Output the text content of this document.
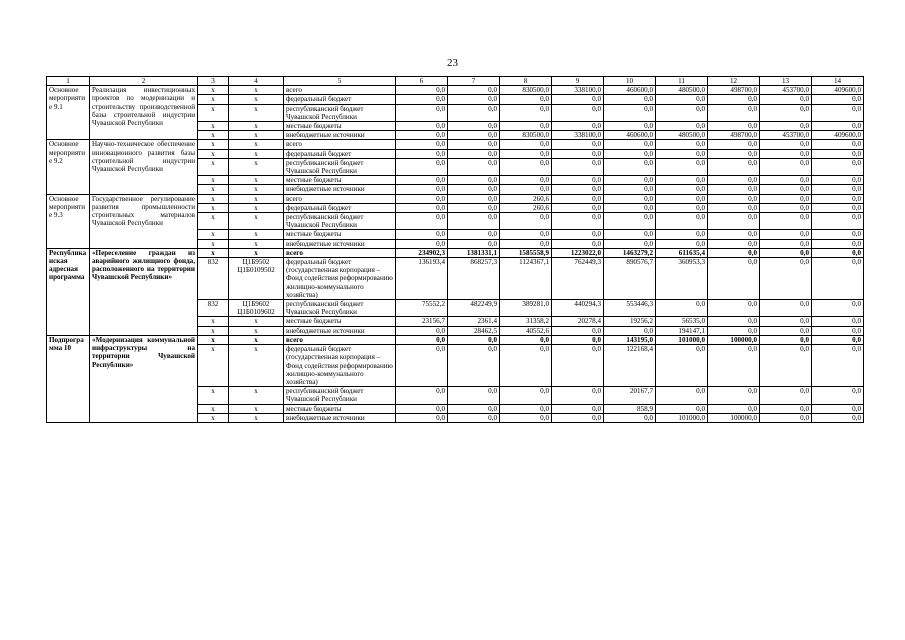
23
1	2	3	4	5	6	7	8	9	10	11	12	13	14
Основное мероприятие 9.1	Реализация инвестиционных проектов по модернизации и строительству производственной базы строительной индустрии Чувашской Республики	х	х	всего	0,0	0,0	830500,0	338100,0	460600,0	480500,0	498700,0	453700,0	409600,0
		х	х	федеральный бюджет	0,0	0,0	0,0	0,0	0,0	0,0	0,0	0,0	0,0
		х	х	республиканский бюджет Чувашской Республики	0,0	0,0	0,0	0,0	0,0	0,0	0,0	0,0	0,0
		х	х	местные бюджеты	0,0	0,0	0,0	0,0	0,0	0,0	0,0	0,0	0,0
		х	х	внебюджетные источники	0,0	0,0	830500,0	338100,0	460600,0	480500,0	498700,0	453700,0	409600,0
Основное мероприятие 9.2	Научно-техническое обеспечение инновационного развития базы строительной индустрии Чувашской Республики	х	х	всего	0,0	0,0	0,0	0,0	0,0	0,0	0,0	0,0	0,0
		х	х	федеральный бюджет	0,0	0,0	0,0	0,0	0,0	0,0	0,0	0,0	0,0
		х	х	республиканский бюджет Чувашской Республики	0,0	0,0	0,0	0,0	0,0	0,0	0,0	0,0	0,0
		х	х	местные бюджеты	0,0	0,0	0,0	0,0	0,0	0,0	0,0	0,0	0,0
		х	х	внебюджетные источники	0,0	0,0	0,0	0,0	0,0	0,0	0,0	0,0	0,0
Основное мероприятие 9.3	Государственное регулирование развития промышленности строительных материалов Чувашской Республики	х	х	всего	0,0	0,0	260,6	0,0	0,0	0,0	0,0	0,0	0,0
		х	х	федеральный бюджет	0,0	0,0	260,6	0,0	0,0	0,0	0,0	0,0	0,0
		х	х	республиканский бюджет Чувашской Республики	0,0	0,0	0,0	0,0	0,0	0,0	0,0	0,0	0,0
		х	х	местные бюджеты	0,0	0,0	0,0	0,0	0,0	0,0	0,0	0,0	0,0
		х	х	внебюджетные источники	0,0	0,0	0,0	0,0	0,0	0,0	0,0	0,0	0,0
Республиканская адресная программа	«Переселение граждан из аварийного жилищного фонда, расположенного на территории Чувашской Республики»	х	х	всего	234902,3	1381331,1	1585558,9	1223022,0	1463279,2	611635,4	0,0	0,0	0,0
		832	Ц1Б9502 Ц1Б0109502	федеральный бюджет (государственная корпорация – Фонд содействия реформированию жилищно-коммунального хозяйства)	136193,4	868257,3	1124367,1	762449,3	890576,7	360953,3	0,0	0,0	0,0
		832	Ц1Б9602 Ц1Б0109602	республиканский бюджет Чувашской Республики	75552,2	482249,9	389281,0	440294,3	553446,3	0,0	0,0	0,0	0,0
		х	х	местные бюджеты	23156,7	2361,4	31358,2	20278,4	19256,2	56535,0	0,0	0,0	0,0
		х	х	внебюджетные источники	0,0	28462,5	40552,6	0,0	0,0	194147,1	0,0	0,0	0,0
Подпрограмма 10	«Модернизация коммунальной инфраструктуры на территории Чувашской Республики»	х	х	всего	0,0	0,0	0,0	0,0	143195,0	101000,0	100000,0	0,0	0,0
		х	х	федеральный бюджет (государственная корпорация – Фонд содействия реформированию жилищно-коммунального хозяйства)	0,0	0,0	0,0	0,0	122168,4	0,0	0,0	0,0	0,0
		х	х	республиканский бюджет Чувашской Республики	0,0	0,0	0,0	0,0	20167,7	0,0	0,0	0,0	0,0
		х	х	местные бюджеты	0,0	0,0	0,0	0,0	858,9	0,0	0,0	0,0	0,0
		х	х	внебюджетные источники	0,0	0,0	0,0	0,0	0,0	101000,0	100000,0	0,0	0,0
